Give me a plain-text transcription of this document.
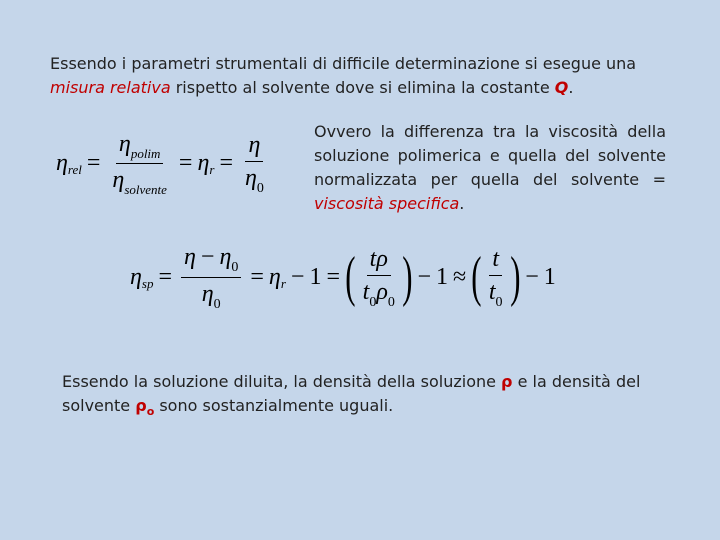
Essendo i parametri strumentali di difficile determinazione si esegue una
misura relativa rispetto al solvente dove si elimina la costante Q.
η rel = $\frac{\eta_{polim}}{\eta_{solvente}} = \eta$ $r = \frac{\eta}{\eta_0}$	Ovvero la differenza tra la viscosità della soluzione polimerica e quella del solvente normalizzata per quella del solvente = viscosità specifica.
η sp = $\frac{\eta - \eta_0}{\eta_0} = \eta$ r − 1 = ( $\frac{t\rho}{t_0\rho_0}$ ) − 1 ≈ ( $\frac{t}{t_0}$ ) − 1
Essendo la soluzione diluita, la densità della soluzione ρ e la densità del solvente $\rho_o$ sono sostanzialmente uguali.
